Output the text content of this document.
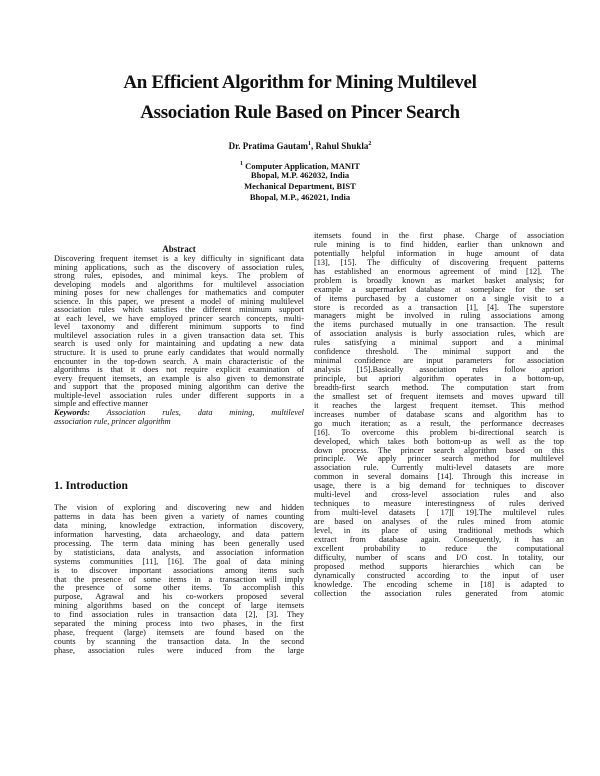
An Efficient Algorithm for Mining Multilevel
Association Rule Based on Pincer Search
Dr. Pratima Gautam$^1$, Rahul Shukla$^2$
$^1$ Computer Application, MANIT
Bhopal, M.P. 462032, India
Mechanical Department, BIST
Bhopal, M.P., 462021, India
Abstract
Discovering frequent itemset is a key difficulty in significant data
mining applications, such as the discovery of association rules,
strong rules, episodes, and minimal keys. The problem of
developing models and algorithms for multilevel association
mining poses for new challenges for mathematics and computer
science. In this paper, we present a model of mining multilevel
association rules which satisfies the different minimum support
at each level, we have employed princer search concepts, multi-
level taxonomy and different minimum supports to find
multilevel association rules in a given transaction data set. This
search is used only for maintaining and updating a new data
structure. It is used to prune early candidates that would normally
encounter in the top-down search. A main characteristic of the
algorithms is that it does not require explicit examination of
every frequent itemsets, an example is also given to demonstrate
and support that the proposed mining algorithm can derive the
multiple-level association rules under different supports in a
simple and effective manner
Keywords: Association rules, data mining, multilevel
association rule, princer algorithm
1. Introduction
The vision of exploring and discovering new and hidden
patterns in data has been given a variety of names counting
data mining, knowledge extraction, information discovery,
information harvesting, data archaeology, and data pattern
processing. The term data mining has been generally used
by statisticians, data analysts, and association information
systems communities [11], [16]. The goal of data mining
is to discover important associations among items such
that the presence of some items in a transaction will imply
the presence of some other items. To accomplish this
purpose, Agrawal and his co-workers proposed several
mining algorithms based on the concept of large itemsets
to find association rules in transaction data [2], [3]. They
separated the mining process into two phases, in the first
phase, frequent (large) itemsets are found based on the
counts by scanning the transaction data. In the second
phase, association rules were induced from the large
itemsets found in the first phase. Charge of association
rule mining is to find hidden, earlier than unknown and
potentially helpful information in huge amount of data
[13], [15]. The difficulty of discovering frequent patterns
has established an enormous agreement of mind [12]. The
problem is broadly known as market basket analysis; for
example a supermarket database at someplace for the set
of items purchased by a customer on a single visit to a
store is recorded as a transaction [1], [4]. The superstore
managers might be involved in ruling associations among
the items purchased mutually in one transaction. The result
of association analysis is burly association rules, which are
rules satisfying a minimal support and a minimal
confidence threshold. The minimal support and the
minimal confidence are input parameters for association
analysis [15].Basically association rules follow apriori
principle, but apriori algorithm operates in a bottom-up,
breadth-first search method. The computation start from
the smallest set of frequent itemsets and moves upward till
it reaches the largest frequent itemset. This method
increases number of database scans and algorithm has to
go much iteration; as a result, the performance decreases
[16]. To overcome this problem bi-directional search is
developed, which takes both bottom-up as well as the top
down process. The princer search algorithm based on this
principle. We apply princer search method for multilevel
association rule. Currently multi-level datasets are more
common in several domains [14]. Through this increase in
usage, there is a big demand for techniques to discover
multi-level and cross-level association rules and also
techniques to measure interestingness of rules derived
from multi-level datasets [ 17][ 19].The multilevel rules
are based on analyses of the rules mined from atomic
level, in its place of using traditional methods which
extract from database again. Consequently, it has an
excellent probability to reduce the computational
difficulty, number of scans and I/O cost. In totality, our
proposed method supports hierarchies which can be
dynamically constructed according to the input of user
knowledge. The encoding scheme in [18] is adapted to
collection the association rules generated from atomic
